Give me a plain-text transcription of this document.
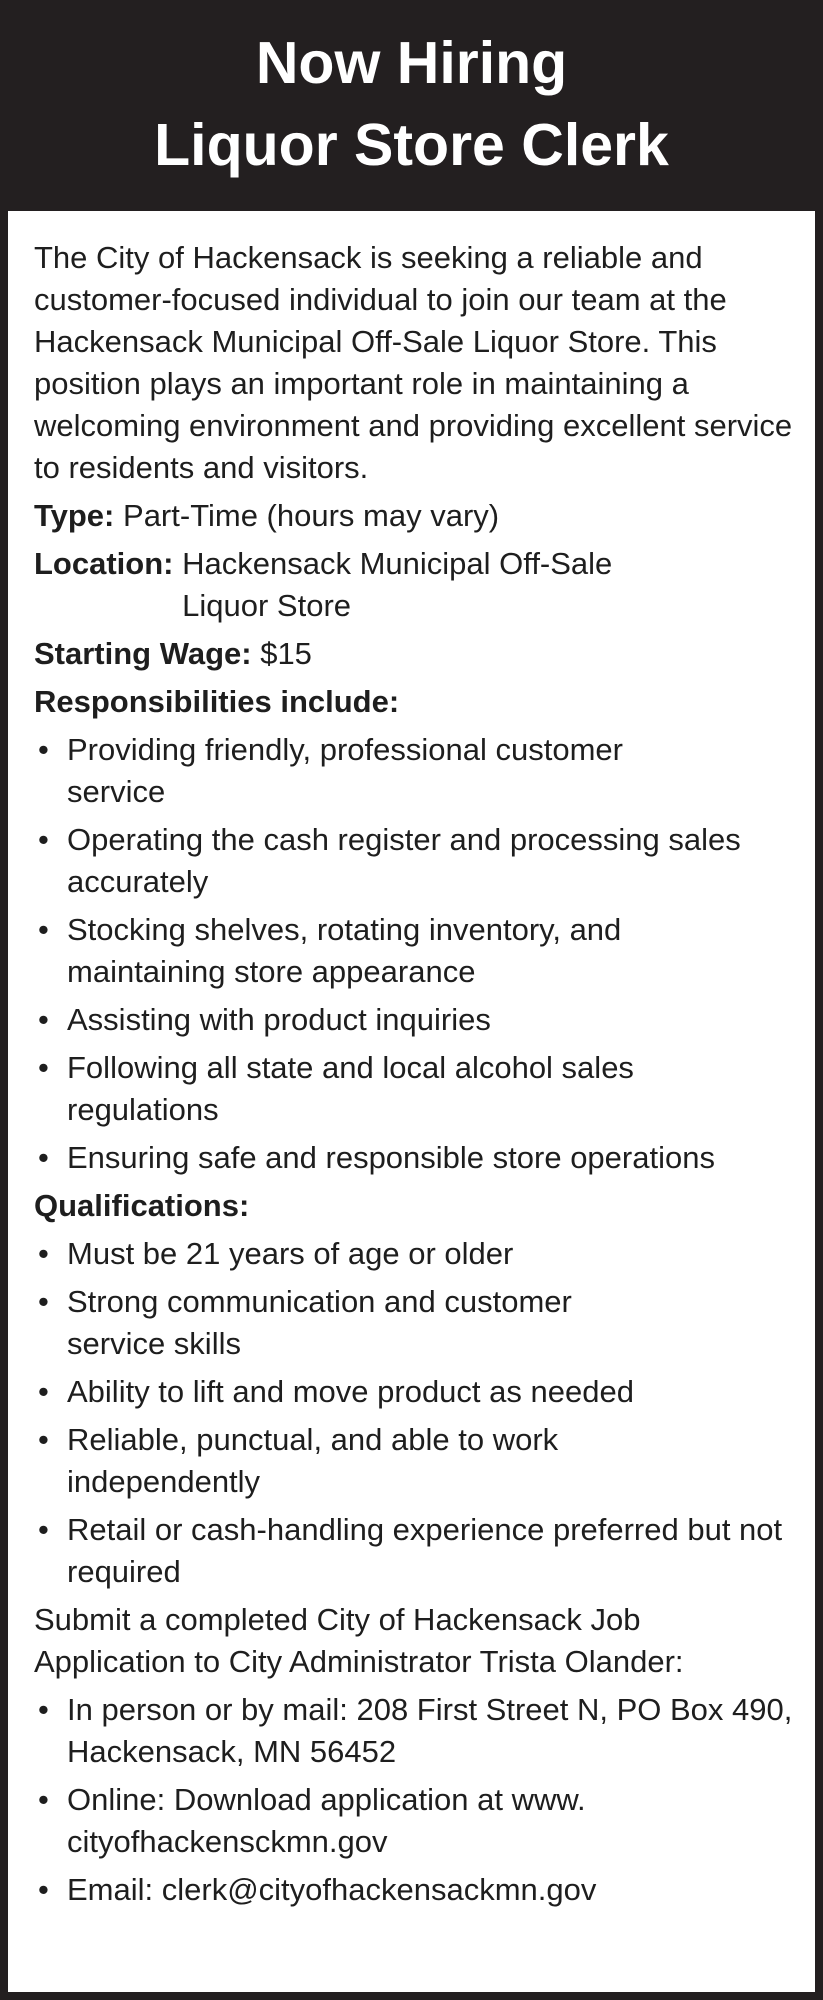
Now Hiring
Liquor Store Clerk

The City of Hackensack is seeking a reliable and customer-focused individual to join our team at the Hackensack Municipal Off-Sale Liquor Store. This position plays an important role in maintaining a welcoming environment and providing excellent service to residents and visitors.

Type: Part-Time (hours may vary)
Location:
Hackensack Municipal Off-Sale Liquor Store
Starting Wage: $15
Responsibilities include:
• Providing friendly, professional customer service
• Operating the cash register and processing sales accurately
• Stocking shelves, rotating inventory, and maintaining store appearance
• Assisting with product inquiries
• Following all state and local alcohol sales regulations
• Ensuring safe and responsible store operations
Qualifications:
• Must be 21 years of age or older
• Strong communication and customer service skills
• Ability to lift and move product as needed
• Reliable, punctual, and able to work independently
• Retail or cash-handling experience preferred but not required

Submit a completed City of Hackensack Job Application to City Administrator Trista Olander:

• In person or by mail: 208 First Street N, PO Box 490, Hackensack, MN 56452
• Online: Download application at www. cityofhackensckmn.gov
• Email: clerk@cityofhackensackmn.gov
